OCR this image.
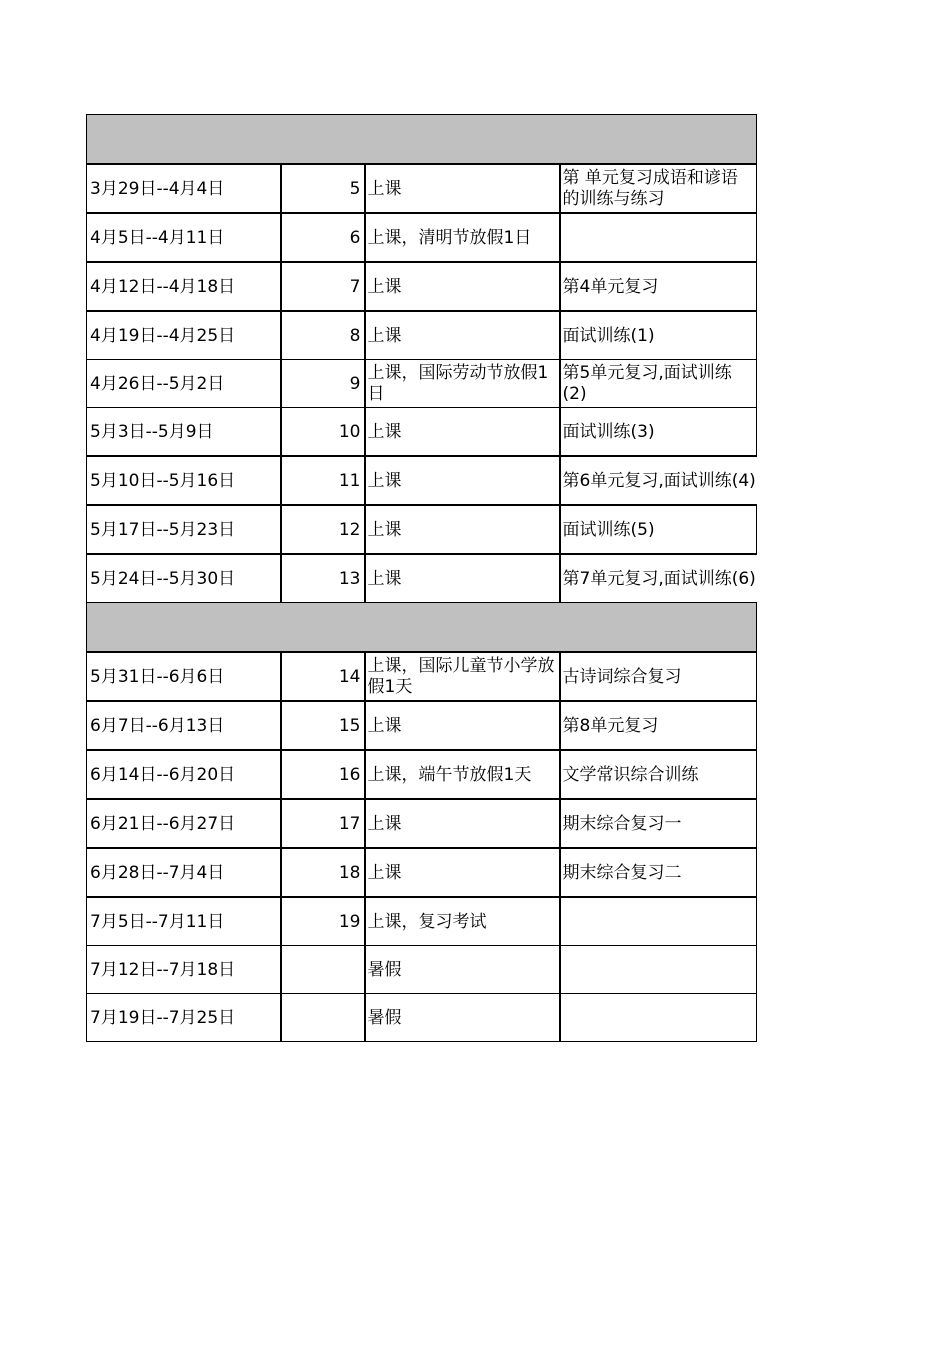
3月29日--4月4日	5	上课	第 单元复习成语和谚语的训练与练习
4月5日--4月11日	6	上课，清明节放假1日	
4月12日--4月18日	7	上课	第4单元复习
4月19日--4月25日	8	上课	面试训练(1)
4月26日--5月2日	9	上课，国际劳动节放假1日	第5单元复习,面试训练(2)
5月3日--5月9日	10	上课	面试训练(3)
5月10日--5月16日	11	上课	第6单元复习,面试训练(4)
5月17日--5月23日	12	上课	面试训练(5)
5月24日--5月30日	13	上课	第7单元复习,面试训练(6)

5月31日--6月6日	14	上课，国际儿童节小学放假1天	古诗词综合复习
6月7日--6月13日	15	上课	第8单元复习
6月14日--6月20日	16	上课，端午节放假1天	文学常识综合训练
6月21日--6月27日	17	上课	期末综合复习一
6月28日--7月4日	18	上课	期末综合复习二
7月5日--7月11日	19	上课，复习考试	
7月12日--7月18日		暑假	
7月19日--7月25日		暑假	
